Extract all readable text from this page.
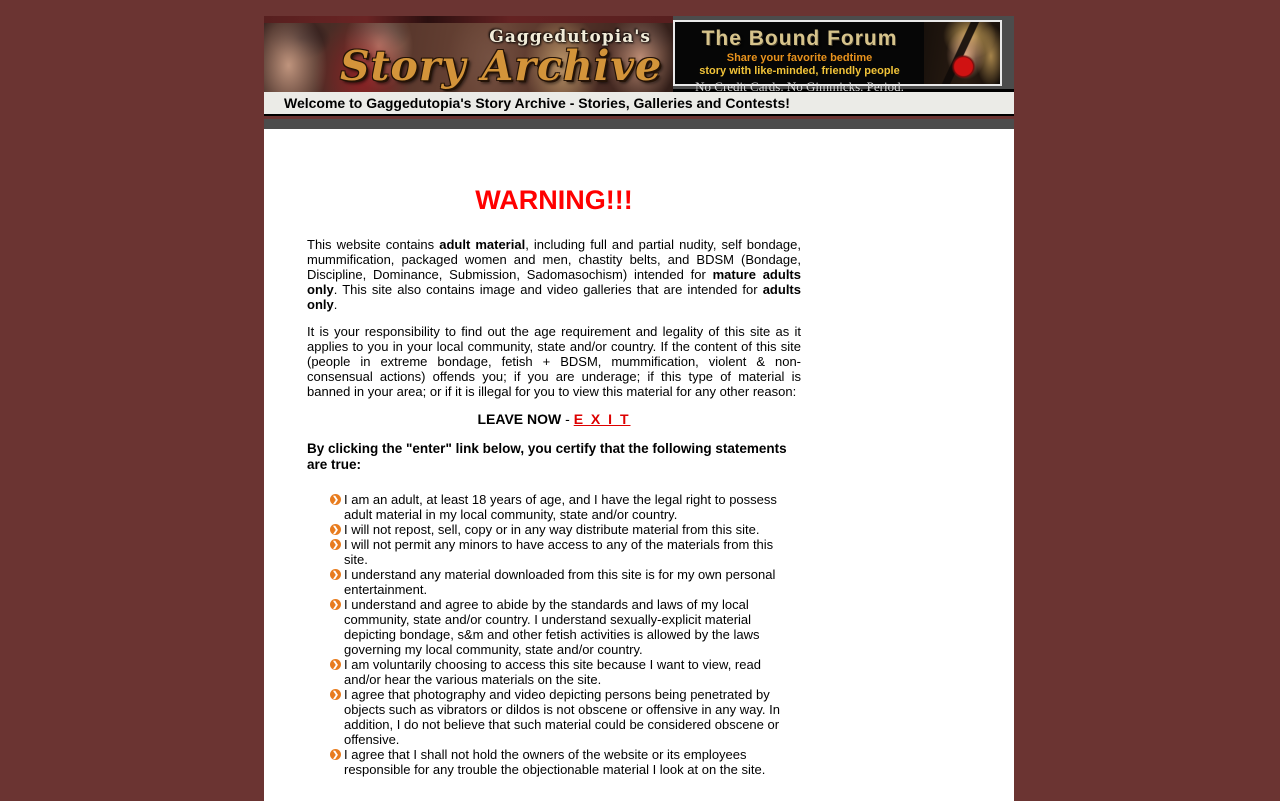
Gaggedutopia's
Story Archive
The Bound Forum
Share your favorite bedtime
story with like-minded, friendly people
No Credit Cards. No Gimmicks. Period.
Welcome to Gaggedutopia's Story Archive - Stories, Galleries and Contests!
WARNING!!!

This website contains adult material, including full and partial nudity, self bondage, mummification, packaged women and men, chastity belts, and BDSM (Bondage, Discipline, Dominance, Submission, Sadomasochism) intended for mature adults only. This site also contains image and video galleries that are intended for adults only.

It is your responsibility to find out the age requirement and legality of this site as it applies to you in your local community, state and/or country. If the content of this site (people in extreme bondage, fetish + BDSM, mummification, violent & non-consensual actions) offends you; if you are underage; if this type of material is banned in your area; or if it is illegal for you to view this material for any other reason:

LEAVE NOW - E X I T
By clicking the "enter" link below, you certify that the following statements are true:
❯ I am an adult, at least 18 years of age, and I have the legal right to possess adult material in my local community, state and/or country.
❯ I will not repost, sell, copy or in any way distribute material from this site.
❯ I will not permit any minors to have access to any of the materials from this site.
❯ I understand any material downloaded from this site is for my own personal entertainment.
❯ I understand and agree to abide by the standards and laws of my local community, state and/or country. I understand sexually-explicit material depicting bondage, s&m and other fetish activities is allowed by the laws governing my local community, state and/or country.
❯ I am voluntarily choosing to access this site because I want to view, read and/or hear the various materials on the site.
❯ I agree that photography and video depicting persons being penetrated by objects such as vibrators or dildos is not obscene or offensive in any way. In addition, I do not believe that such material could be considered obscene or offensive.
❯ I agree that I shall not hold the owners of the website or its employees responsible for any trouble the objectionable material I look at on the site.
